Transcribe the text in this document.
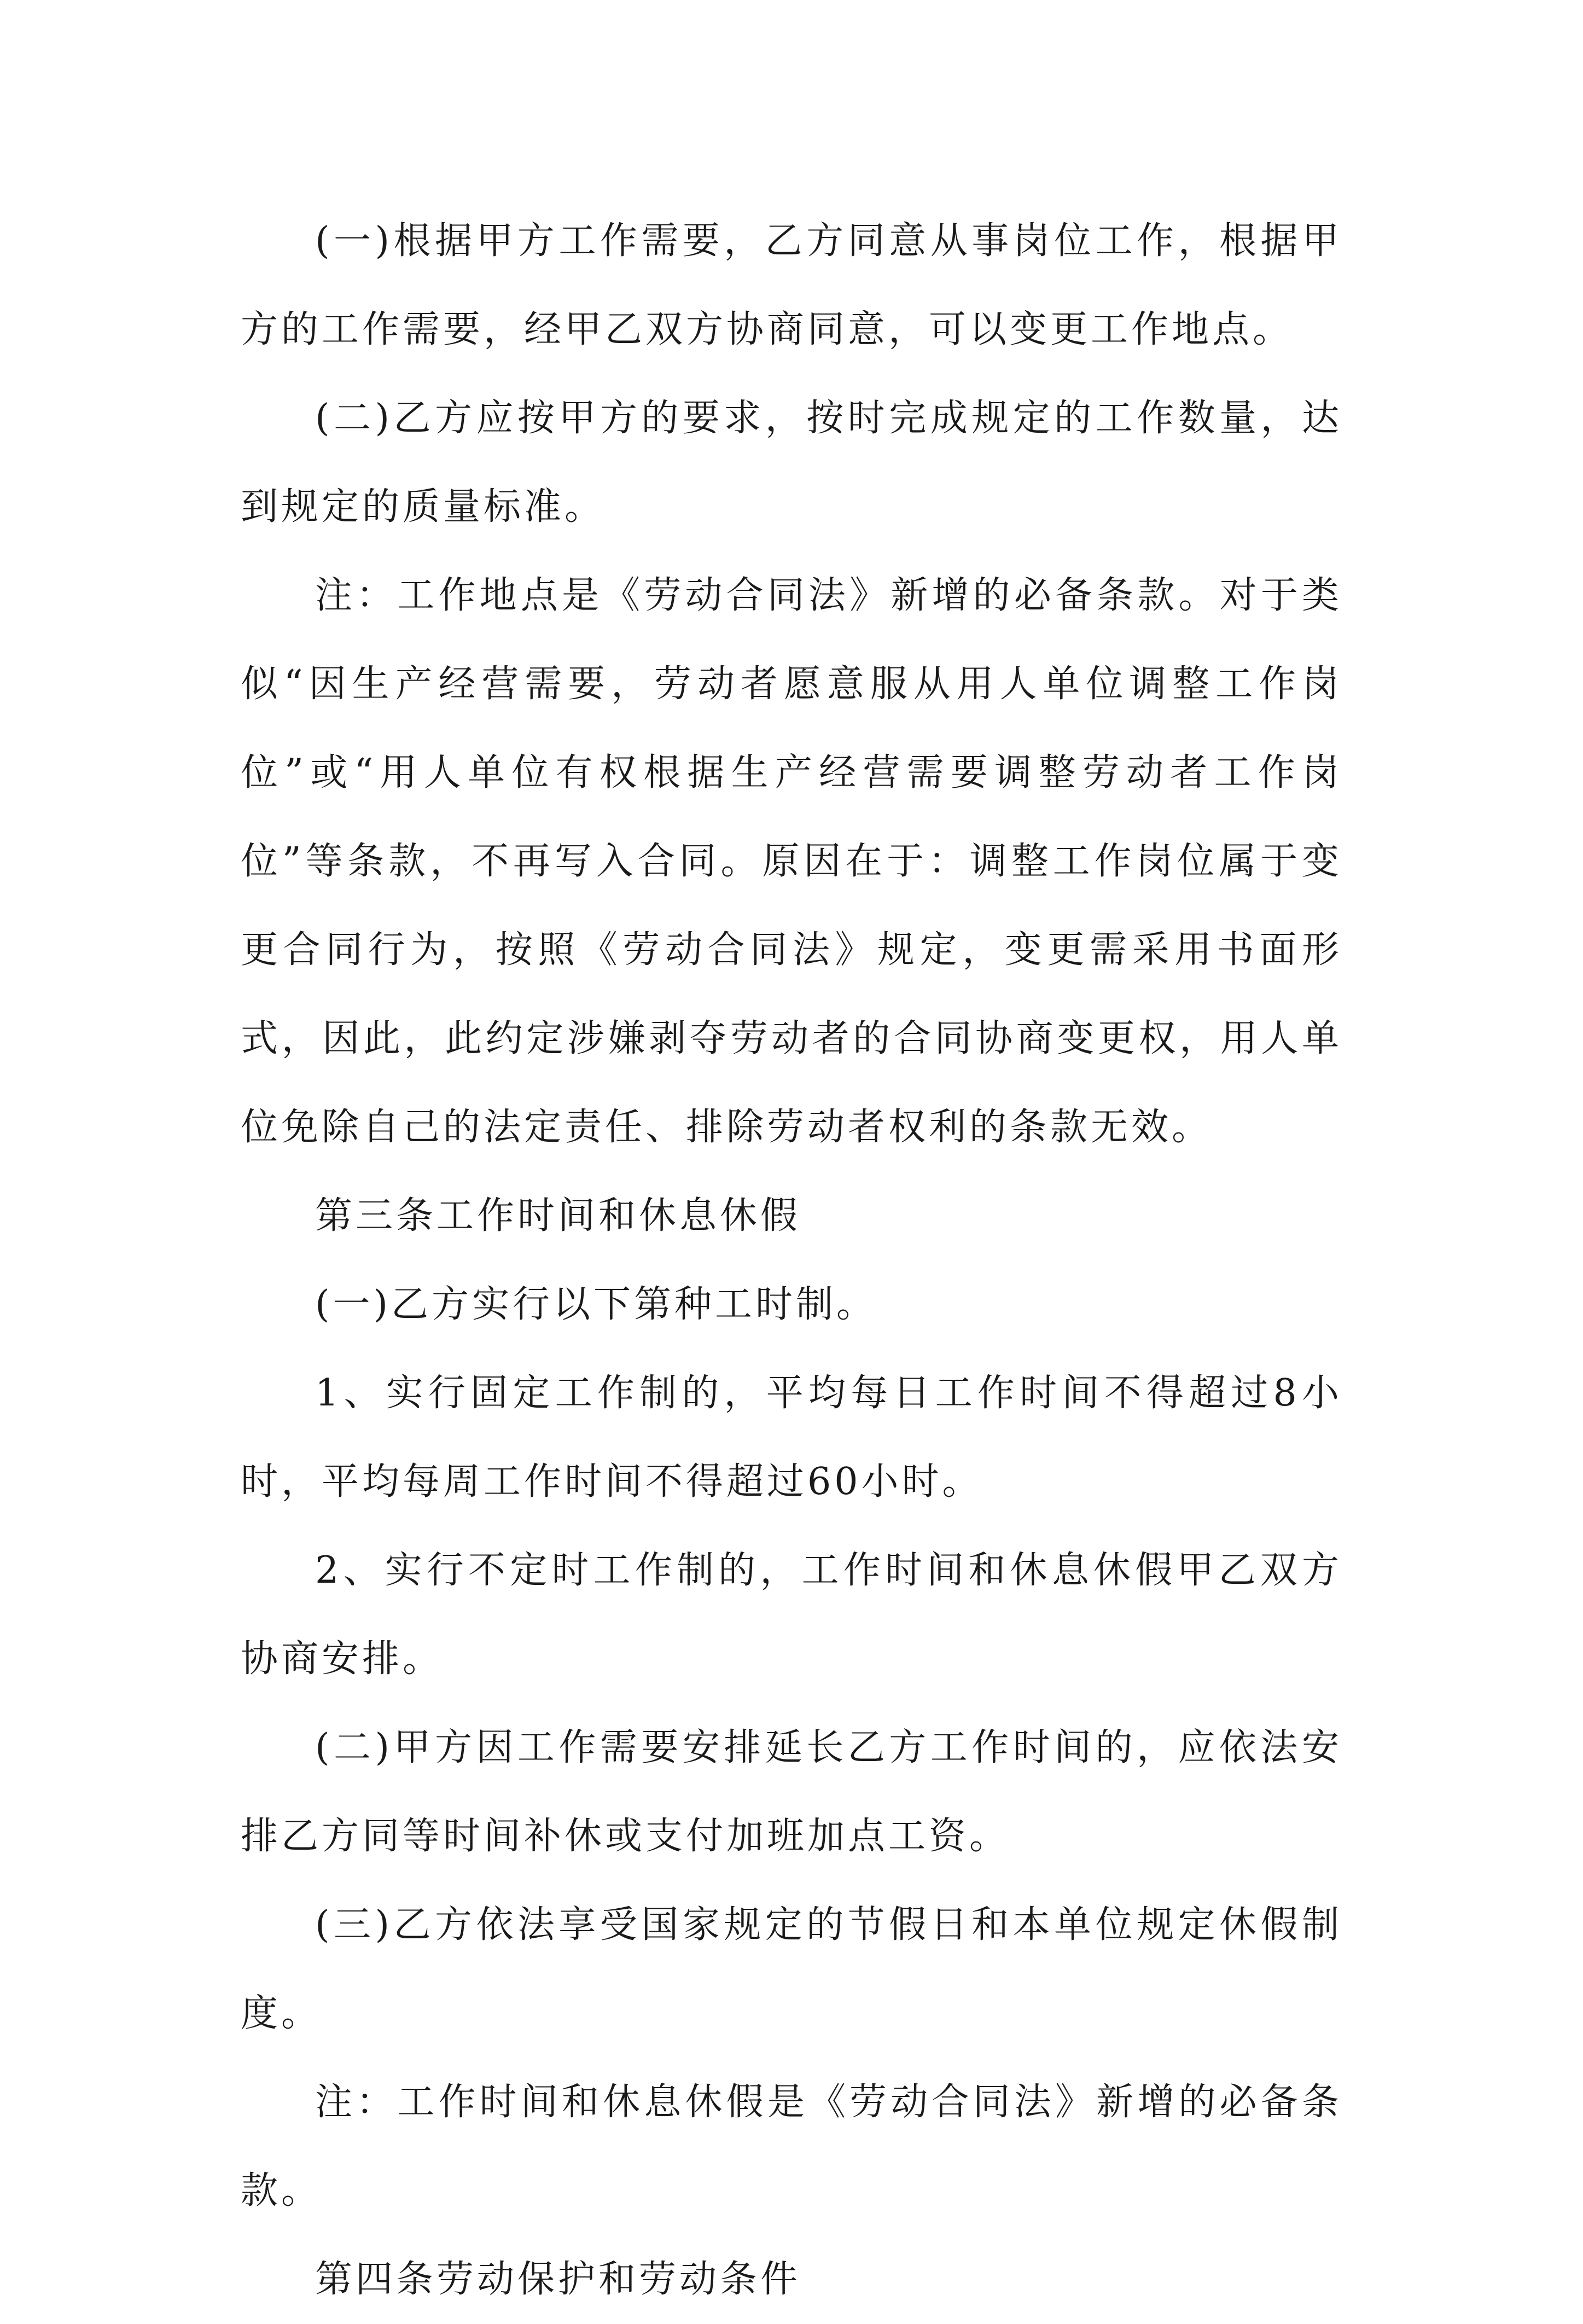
(一)根据甲方工作需要，乙方同意从事岗位工作，根据甲方的工作需要，经甲乙双方协商同意，可以变更工作地点。

(二)乙方应按甲方的要求，按时完成规定的工作数量，达到规定的质量标准。

注：工作地点是《劳动合同法》新增的必备条款。对于类似“因生产经营需要，劳动者愿意服从用人单位调整工作岗位”或“用人单位有权根据生产经营需要调整劳动者工作岗位”等条款，不再写入合同。原因在于：调整工作岗位属于变更合同行为，按照《劳动合同法》规定，变更需采用书面形式，因此，此约定涉嫌剥夺劳动者的合同协商变更权，用人单位免除自己的法定责任、排除劳动者权利的条款无效。

第三条工作时间和休息休假

(一)乙方实行以下第种工时制。

1、实行固定工作制的，平均每日工作时间不得超过8小时，平均每周工作时间不得超过60小时。

2、实行不定时工作制的，工作时间和休息休假甲乙双方协商安排。

(二)甲方因工作需要安排延长乙方工作时间的，应依法安排乙方同等时间补休或支付加班加点工资。

(三)乙方依法享受国家规定的节假日和本单位规定休假制度。

注：工作时间和休息休假是《劳动合同法》新增的必备条款。

第四条劳动保护和劳动条件
